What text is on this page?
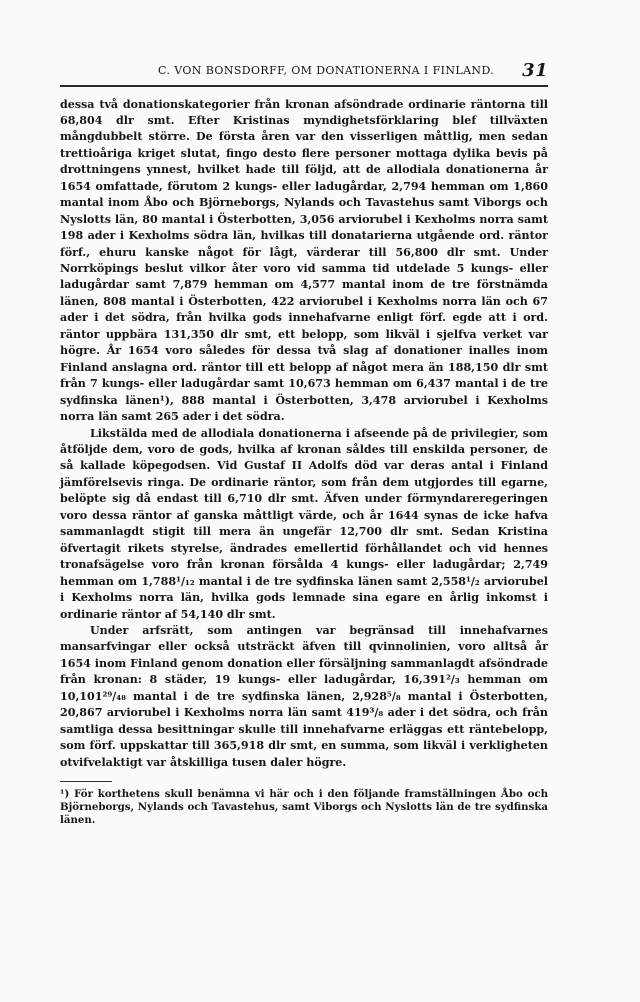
C. VON BONSDORFF, OM DONATIONERNA I FINLAND. 31

dessa två donationskategorier från kronan afsöndrade ordinarie räntorna till 68,804 dlr smt. Efter Kristinas myndighetsförklaring blef tillväxten mångdubbelt större. De första åren var den visserligen måttlig, men sedan trettioåriga kriget slutat, fingo desto flere personer mottaga dylika bevis på drottningens ynnest, hvilket hade till följd, att de allodiala donationerna år 1654 omfattade, förutom 2 kungs- eller ladugårdar, 2,794 hemman om 1,860 mantal inom Åbo och Björneborgs, Nylands och Tavastehus samt Viborgs och Nyslotts län, 80 mantal i Österbotten, 3,056 arviorubel i Kexholms norra samt 198 ader i Kexholms södra län, hvilkas till donatarierna utgående ord. räntor förf., ehuru kanske något för lågt, värderar till 56,800 dlr smt. Under Norrköpings beslut vilkor åter voro vid samma tid utdelade 5 kungs- eller ladugårdar samt 7,879 hemman om 4,577 mantal inom de tre förstnämda länen, 808 mantal i Österbotten, 422 arviorubel i Kexholms norra län och 67 ader i det södra, från hvilka gods innehafvarne enligt förf. egde att i ord. räntor uppbära 131,350 dlr smt, ett belopp, som likväl i sjelfva verket var högre. År 1654 voro således för dessa två slag af donationer inalles inom Finland anslagna ord. räntor till ett belopp af något mera än 188,150 dlr smt från 7 kungs- eller ladugårdar samt 10,673 hemman om 6,437 mantal i de tre sydfinska länen¹), 888 mantal i Österbotten, 3,478 arviorubel i Kexholms norra län samt 265 ader i det södra.

Likstälda med de allodiala donationerna i afseende på de privilegier, som åtföljde dem, voro de gods, hvilka af kronan såldes till enskilda personer, de så kallade köpegodsen. Vid Gustaf II Adolfs död var deras antal i Finland jämförelsevis ringa. De ordinarie räntor, som från dem utgjordes till egarne, belöpte sig då endast till 6,710 dlr smt. Äfven under förmyndareregeringen voro dessa räntor af ganska måttligt värde, och år 1644 synas de icke hafva sammanlagdt stigit till mera än ungefär 12,700 dlr smt. Sedan Kristina öfvertagit rikets styrelse, ändrades emellertid förhållandet och vid hennes tronafsägelse voro från kronan försålda 4 kungs- eller ladugårdar; 2,749 hemman om 1,788¹/₁₂ mantal i de tre sydfinska länen samt 2,558¹/₂ arviorubel i Kexholms norra län, hvilka gods lemnade sina egare en årlig inkomst i ordinarie räntor af 54,140 dlr smt.

Under arfsrätt, som antingen var begränsad till innehafvarnes mansarfvingar eller också utsträckt äfven till qvinnolinien, voro alltså år 1654 inom Finland genom donation eller försäljning sammanlagdt afsöndrade från kronan: 8 städer, 19 kungs- eller ladugårdar, 16,391²/₃ hemman om 10,101²⁹/₄₈ mantal i de tre sydfinska länen, 2,928⁵/₈ mantal i Österbotten, 20,867 arviorubel i Kexholms norra län samt 419³/₈ ader i det södra, och från samtliga dessa besittningar skulle till innehafvarne erläggas ett räntebelopp, som förf. uppskattar till 365,918 dlr smt, en summa, som likväl i verkligheten otvifvelaktigt var åtskilliga tusen daler högre.

¹) För korthetens skull benämna vi här och i den följande framställningen Åbo och Björneborgs, Nylands och Tavastehus, samt Viborgs och Nyslotts län de tre sydfinska länen.
